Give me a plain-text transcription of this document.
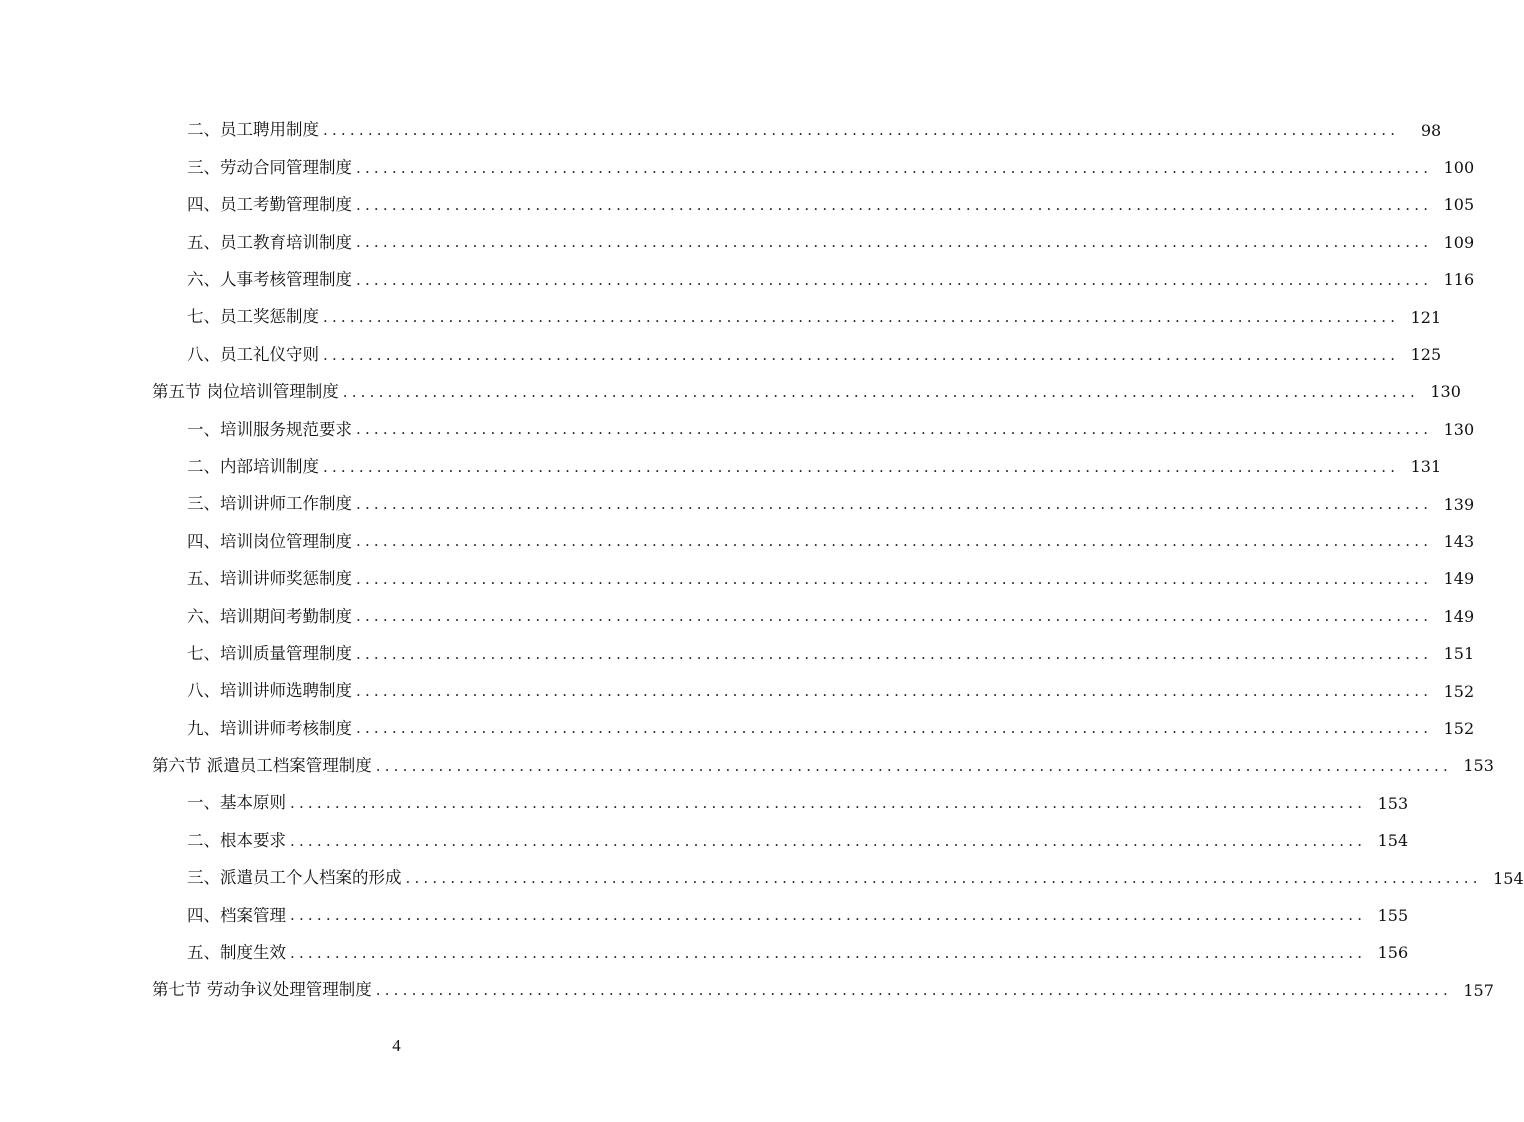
二、员工聘用制度 ........................................................................................................................	98
三、劳动合同管理制度 ........................................................................................................................ 100
四、员工考勤管理制度 ........................................................................................................................ 105
五、员工教育培训制度 ........................................................................................................................ 109
六、人事考核管理制度 ........................................................................................................................ 116
七、员工奖惩制度 ........................................................................................................................ 121
八、员工礼仪守则 ........................................................................................................................ 125
第五节 岗位培训管理制度 ........................................................................................................................ 130
一、培训服务规范要求 ........................................................................................................................ 130
二、内部培训制度 ........................................................................................................................ 131
三、培训讲师工作制度 ........................................................................................................................ 139
四、培训岗位管理制度 ........................................................................................................................ 143
五、培训讲师奖惩制度 ........................................................................................................................ 149
六、培训期间考勤制度 ........................................................................................................................ 149
七、培训质量管理制度 ........................................................................................................................ 151
八、培训讲师选聘制度 ........................................................................................................................ 152
九、培训讲师考核制度 ........................................................................................................................ 152
第六节 派遣员工档案管理制度 ........................................................................................................................ 153
一、基本原则 ........................................................................................................................ 153
二、根本要求 ........................................................................................................................ 154
三、派遣员工个人档案的形成 ........................................................................................................................ 154
四、档案管理 ........................................................................................................................ 155
五、制度生效 ........................................................................................................................ 156
第七节 劳动争议处理管理制度 ........................................................................................................................ 157
4
